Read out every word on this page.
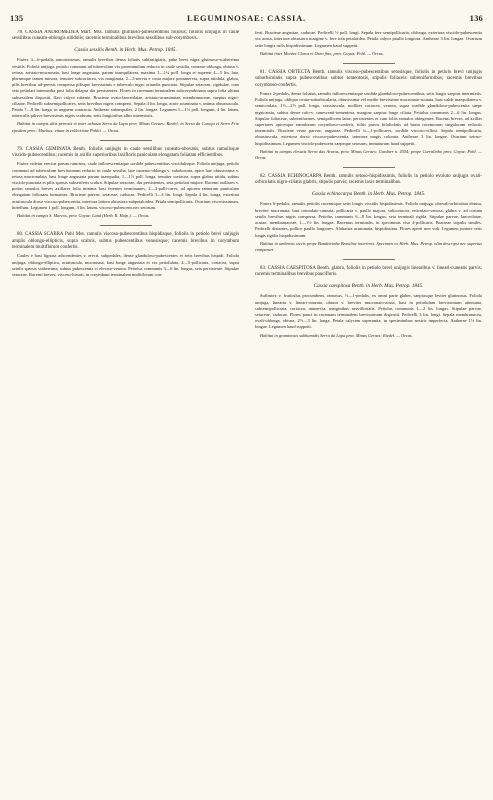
135	LEGUMINOSAE: CASSIA.	136

78. CASSIA ANDROMEDEA Mart. Mss. ramulis glutinoso-pubescentibus foliosis; foliolis unijugis in caule sessilibus cuneato-oblongis nitidulis; racemis terminalibus brevibus sessilibus sub-corymbosis.

Cassia sessilis Benth. in Herb. Mus. Petrop. 1845.

Frutex 3—6-pedalis ramosissimus, ramulis brevibus densa foliatis subfastigiatis, pube brevi nigra glutinoso-scaberrima vestitis. Foliola unijuga, petiolo communi ad tuberculum vix proeminulum reducto in caule sessilia, cuneato-oblonga, obtusa v. retusa, aristato-mucronata, basi longe angustata, parum inaequilatera, maxima 1—1¼ poll. longa et superne 4—5 lin. lata, plerumque tamen minora, tenuiter subcoriacea, vix marginata, 2—3-nervia e costa majore penninervia, supra nitidula, glabra, pilis brevibus ad-pressis conspersa pilisque brevissimis e tuberculo nigro oriundis punctata. Stipulae setaceae, rigidulae, cum seta petiolari intermedia post folia delapsa diu persistentes. Flores in racemum terminalem subcorymbosum supra folia ultima subsessilem dispositi, flavi calyce rubente. Bracteae ovato-lanceolatae, aristato-acuminatae, membranaceae, saepius nigro-ciliatae. Pedicelli subsemipollicares, setis brevibus nigris conspersi. Sepala 4 lin. longa, acute acuminata v. intima obtusiuscula. Petala 7—8 lin. longa, in unguem contracta. Antherae subaequales, 2 lin. longae. Legumen 1—1½ poll. longum, 4 lin. latum, tuberculis pilisve brevissimis nigris scabrum, setis longioribus albis intermixtis.

Habitat in campis altis petrosis et inter arbusta Serra da Lapa prov. Minas Geraes: Riedel; in Serra da Caraça et Serro Frio ejusdem prov.: Martius; etiam in collectione Pohlii. — Orcas.

79. CASSIA GEMINATA Benth. foliolis unijugis in caule sessilibus cuneato-obovatis, subtus ramulisque viscido-pubescentibus; racemis in axillis superioribus laxifloris paniculam elongatam foliatam efficientibus.

Frutex videtur erectus parum ramosus, caule inflorescentiaque sordide pubescentibus viscidulisque. Foliola unijuga, petiolo communi ad tuberculum brevissimum reducto in caule sessilia, late cuneato-oblonga v. subobovata, apice late obtusissima v. retusa mucronulata, basi longe angustata parum inaequalia, 1—1½ poll. longa, tenuiter coriacea, supra glabra nitida, subtus viscido-punctata et pilis sparsis subsetiferis scabra. Stipulae setaceae, diu persistentes, seta petiolari majore. Racemi axillares v. potius ramulos breves axillares folia minima basi ferentes terminantes, 2—3-polli-cares, ad apicem ramorum paniculam elongatam foliosam formantes. Bracteae parvae, setaceae, caducae. Pedicelli 3—4 lin. longi. Sepala 4 lin. longa, exteriora acutiuscula dorso viscoso-pubescentia, interiora latiora obtusiora subpetaloidea. Petala semipollicaria. Ovarium viscosissimum, hirtellum. Legumen 1 poll. longum, 3 lin. latum, viscoso-pubescens nec setosum.

Habitat in campis S. Marcos, prov. Goyaz: Lund (Herb. R. Hafn.). — Orcas.

80. CASSIA SCABRA Pohl Mss. ramulis viscoso-pubescentibus hispidisque, foliolis in petiolo brevi unijugis amplis oblongo-ellipticis, supra scabris, subtus pubescentibus venosisque; racemis brevibus in corymbum terminalem multiflorum confertis.

Caules e basi lignosa adscendentes v. erecti, subpedales, dense glanduloso-pubescentes et setis brevibus hispidi. Foliola unijuga, oblongo-elliptica, acutiuscula, mucronata, basi longe angustata et vix petiolulata, 4—5-pollicaria, coriacea, supra setulis sparsis scaberrima, subtus pubescentia et elevato-venosa. Petiolus communis 3—6 lin. longus, seta persistente. Stipulae setaceae. Racemi breves, viscoso-hirsuti, in corymbum terminalem multiflorum con-

ferti. Bracteae angustae, caducae. Pedicelli ½ poll. longi. Sepala fere semipollicaria, oblonga, exteriora viscido-pubescentia vix acuta, interiora obtusiora margine v. fere tota petaloidea. Petala calyce paullo longiora. Antherae 3 lin. longae. Ovarium setis longis rufis hispidissimum. Legumen haud suppetit.

Habitat inter Montes Claros et Ouro fino, prov. Goyaz: Pohl. — Orcas.

81. CASSIA OBTECTA Benth. ramulis viscoso-pubescentibus setosisque, foliolis in petiolo brevi unijugis suborbiculatis supra pubescentibus subtus tomentosis, stipulis foliaceis subreniformibus; racemis brevibus corymboso-confertis.

Frutex 2-pedalis, dense foliatus, ramulis inflorescentiaque sordide glanduloso-pubescentibus, setis longis saepius intermixtis. Foliola unijuga, obliquo ovato-suborbicularia, obtusissima vel medio brevissime mucronato-acutata, basi valde inaequilatera v. semicordata, 1½—2½ poll. longa, crassiuscula, molliter coriacea, venosa, supra sordide glanduloso-pubescentia saepe nigricantia, subtus dense rufo-v. canescenti-tomentosa, margine saepius longe ciliata. Petiolus communis 2—6 lin. longus. Stipulae foliaceae, subreniformes, semipollicem latae, persistentes et cum foliis ramulos obtegentes. Racemi breves, ad axillas superiores apicesque ramulorum corymboso-conferti, foliis parvis bifoliolatis ad basin racemorum singulorum reductis intermixtis. Bracteae verae parvae, angustae. Pedicelli ¼—1-pollicares, sordide viscoso-villosi. Sepala semipollicaria, obtusiuscula, exteriora dorso viscoso-pubescentia, interiora magis colorata. Antherae 3 lin. longae. Ovarium setoso-hispidissimum. Legumen viscido-pubescens saepeque setosum, immaturum haud suppetit.

Habitat in campis elevatis Serra das Araras, prov. Minas Geraes: Gardner n. 4554; prope Curralinho prov. Goyaz: Pohl. — Orcas.

82. CASSIA ECHINOCARPA Benth. ramulis setoso-hispidissimis, foliolis in petiolo evoluto unijugis ovali-orbiculatis nigro-ciliatis glabris, stipulis parvis; racemis laxis terminalibus.

Cassia echinocarpa Benth. in Herb. Mus. Petrop. 1845.

Frutex 6-pedalis, ramulis petiolis racemisque setis longis viscidis hispidissimis. Foliola unijuga, obovali-orbiculata obtusa, breviter mucronata, basi rotundato-cuneata, pollicaria v. paullo majora, subcoriacea, reticulato-venosa, glabra v. ad costam setulis brevibus nigris conspersa. Petiolus communis 6—8 lin. longus, seta terminali rigida. Stipulae parvae, lanceolatae, acutae, membranaceae, 1—1½ lin. longae. Racemus terminalis, in speciminis viso 4-pollicaris. Bracteae stipulis similes. Pedicelli distantes, pollice paullo longiores. Alabastra acuminata, hispidissima. Flores aperti non vidi. Legumen juniore setis longis rigidis hispidissimum.

Habitat in umbrosis siccis prope Bandeirinha Brasiliae interioris. Specimen ex Herb. Mus. Petrop. olim descripsi nec superius comparari.

83. CASSIA CAESPITOSA Benth. glabra, foliolis in petiolo brevi unijugis linearibus v. lineari-cuneatis parvis; racemis terminalibus brevibus paucifloris.

Cassia caespitosa Benth. in Herb. Mus. Petrop. 1845.

Suffrutex v. fruticulus procumbens, ramosus, ½—1-pedalis, ex omni parte glaber, saepiusque leviter glutinosus. Foliola unijuga, linearia v. lineari-cuneata, obtusa v. breviter mucronato-acuta, basi in petiolulum brevissimum attenuata, subsemipollicaria, coriacea, uninervia, marginibus nervifloriatis. Petiolus communis 1—2 lin. longus. Stipulae parvae, setaceae, caducae. Flores pauci in racemum terminalem brevissimum dispositi. Pedicelli 3 lin. longi. Sepala membranacea, ovali-oblonga, obtusa, 2½—3 lin. longa. Petala calycem superantia, in speciminibus nostris imperfecta. Antherae 1½ lin. longae. Legumen haud suppetit.

Habitat in graminosis subhumidis Serra da Lapa prov. Minas Geraes: Riedel. — Orcas.
